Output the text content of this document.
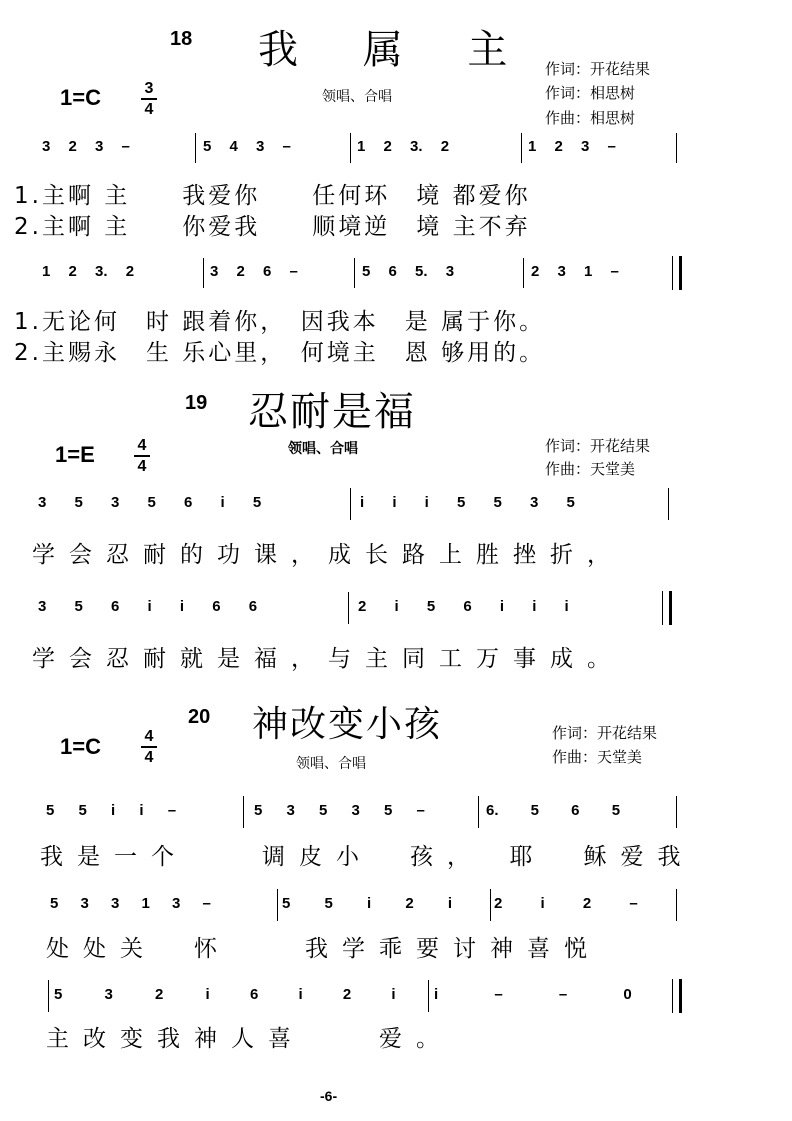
18 我 属 主
1=C	3
4
领唱、合唱
作词：开花结果
作词：相思树
作曲：相思树
3 2 3 –	5 4 3 –	1 2 3. 2	1 2 3 –
1.主啊 主　　我爱你　　任何环　境 都爱你
2.主啊 主　　你爱我　　顺境逆　境 主不弃
1 2 3. 2	3 2 6 –	5 6 5. 3	2 3 1 –
1.无论何　时 跟着你，　因我本　是 属于你。
2.主赐永　生 乐心里，　何境主　恩 够用的。
19 忍耐是福
1=E	4
4
领唱、合唱	作词：开花结果
作曲：天堂美
3 5 3 5 6 i 5	i i i 5 5 3 5
学会忍耐的功课，成长路上胜挫折，
3 5 6 i i 6 6	2 i 5 6 i i i
学会忍耐就是福，与主同工万事成。
20 神改变小孩
1=C	4
4	领唱、合唱
作词：开花结果
作曲：天堂美
5 5 i i –	5 3 5 3 5 –	6. 5 6 5
我是一个　　调皮小　孩，　耶　稣爱我
5 3 3 1 3 –	5 5 i 2 i	2 i 2 –
处处关　怀　　我学乖要讨神喜悦
5 3 2 i	6 i 2 i	i – – 0
主改变我神人喜　　爱。
-6-
